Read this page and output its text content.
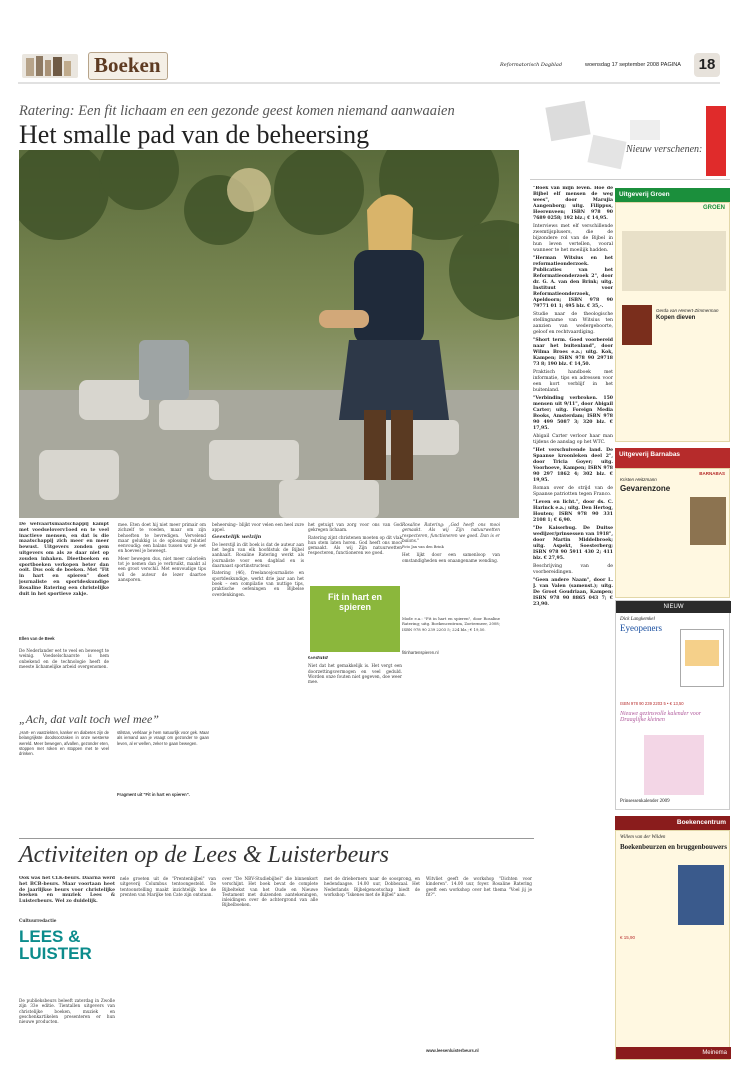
Boeken	Reformatorisch Dagblad	woensdag 17 september 2008 PAGINA	18
Ratering: Een fit lichaam en een gezonde geest komen niemand aanwaaien
Het smalle pad van de beheersing
De welvaartsmaatschappij kampt met voedseloverv1oed en te veel inactieve mensen, en dat is die maatschappij zich meer en meer bewust. Uitgevers zonden gem uitgevers om als ze daar niet op zouden inhaken. Dieetboeken en sportboeken verkopen beter dan ooit. Dus ook de boeken. Met "Fit in hart en spieren" doet journaliste en sportdeskundige Rosaline Ratering een christelijke duit in het sportieve zakje.
Ellen van de Beek

De Nederlander eet te veel en beweegt te weinig. Voedselschaarste is hem onbekend en de technologie heeft de meeste lichamelijke arbeid overgenomen.

mee. Eten doet hij niet meer primair om zichzelf te voeden, maar om zijn behoeften te bevredigen. Vervelend maar gelukkig is de oplossing relatief eenvoudig: een balans tussen wat je eet en hoeveel je beweegt.

Meer bewegen dus, niet meer calorieën tot je nemen dan je verbruikt, maakt al een groot verschil. Met eenvoudige tips wil de auteur de lezer daartoe aansporen.

beheersing– blijkt voor velen een heel zure appel.

Geestelijk welzijn

De leerstijl in dit boek is dat de auteur aan het begin van elk hoofdstuk de Bijbel aanhaalt. Rosaline Ratering werkt als journaliste voor een dagblad en is daarnaast sportinstructeur.

Ratering (46), freelancejournaliste en sportdeskundige, werkt drie jaar aan het boek – een compilatie van nuttige tips, praktische oefeningen en Bijbelse overdenkingen.

het getuigt van zorg voor ons van God gekregen lichaam.

Ratering zijnt christenen moeten op dit vlak hun stem laten horen. God heeft ons mooi gemaakt. Als wij Zijn natuurwetten respecteren, functioneren we goed.

Fit in hart en spieren

Geduld

Niet dat het gemakkelijk is. Het vergt een doorzettingsvermogen en veel geduld. Worden onze fouten niet gegeven, doe weer mee.

Rosaline Ratering: „God heeft ons mooi gemaakt. Als wij Zijn natuurwetten respecteren, functioneren we goed. Dan is er balans."

Foto Jan van den Brink

Het lijkt door een samenloop van omstandigheden een onaangename wending.

Mode e.a.: "Fit in hart en spieren", door Rosaline Ratering; uitg. Boekencentrum, Zoetermeer, 2008; ISBN 978 90 239 2203 5; 224 blz.; € 19,50.
fitinhartenspieren.nl
„Ach, dat valt toch wel mee”
„Hart- en vaatziekten, kanker en diabetes zijn de belangrijkste doodsoorzaken in onze westerse wereld. Meer bewegen, afvallen, gezonder eten, stoppen met roken en stoppen met te veel drinken.
stilstan, verklaar je hem natuurlijk voor gek. Maar als iemand aan je vraagt om gezonder te gaan leven, al er wellen, zeker te gaan bewegen.
Fragment uit "Fit in hart en spieren".
Activiteiten op de Lees & Luisterbeurs
Ook was het CLK-beurs. Daarna werd het BCB-beurs. Maar voortaan heet de jaarlijkse beurs voor christelijke boeken en muziek Lees & Luisterbeurs. Wel zo duidelijk.
Cultuurredactie
LEES &
LUISTER
De publieksbeurs beleeft zaterdag in Zwolle zijn 33e editie. Tientallen uitgevers van christelijke boeken, muziek en geschenkartikelen presenteren er hun nieuwe producten.
nele groeten uit de "Prentenbijbel" van uitgeverij Columbus tentoongesteld. De tentoonstelling maakt inzichtelijk hoe de prenten van Marijke ten Cate zijn ontstaan.
over "De NBV-Studiebijbel" die binnenkort verschijnt. Het boek bevat de complete Bijbeltekst van het Oude en Nieuwe Testament met duizenden aantekeningen, inleidingen over de achtergrond van alle Bijbelboeken.
met de drieberners naar de soosprong, en hedendaagse. 14.00 uur, Dobbezaal. Het Nederlands Bijbelgenootschap biedt de workshop "Iskenes met de Bijbel" aan.
Witvliet geeft de workshop "Dichten voor kinderen". 14.00 uur, foyer. Rosaline Ratering geeft een workshop over het thema "Voel jij je fit?".
www.leesenluisterbeurs.nl
Nieuw verschenen:

"Boek van mijn leven. Hoe de Bijbel elf mensen de weg wees", door Marujia Aangenborg; uitg. Filippus, Heerenveen; ISBN 978 90 7689 0258; 192 blz.; € 14,95.

Interviews met elf verschillende zwemtijsplusers, die de bijzondere rol van de Bijbel in hun leven vertellen, vooral wanneer te het moeilijk hadden.

"Herman Witsius en het reformatieonderzoek. Publicaties van het Reformatieonderzoek 2", door dr. G. A. van den Brink; uitg. Instituut voor Reformatieonderzoek, Apeldoorn; ISBN 978 90 79771 01 1; 495 blz. € 35,-.

Studie naar de theologische stellingname van Witsius ten aanzien van wedergeboorte, geloof en rechtvaardiging.

"Short term. Goed voorbereid naar het buitenland", door Wilma Broes e.a.; uitg. Kok, Kampen; ISBN 978 90 29718 73 8; 190 blz. € 14,50.

Praktisch handboek met informatie, tips en adressen voor een kort verblijf in het buitenland.

"Verbinding verbroken. 150 mensen uit 9/11", door Abigail Carter; uitg. Foreign Media Books, Amsterdam; ISBN 978 90 499 5087 3; 320 blz. € 17,95.

Abigail Carter verloor haar man tijdens de aanslag op het WTC.

"Het verschuivende land. De Spaanse kroonleken deel 2", door Tricia Goyer; uitg. Voorhoeve, Kampen; ISBN 978 90 297 1862 4; 302 blz. € 19,95.

Roman over de strijd van de Spaanse patriotten tegen Franco.

"Leven en licht.", door ds. C. Harinck e.a.; uitg. Den Hertog, Houten; ISBN 978 90 331 2108 1; € 6,90.

"De Kaiserbug. De Duitse wedijzer/prinsessen van 1918", door Martin Middelbroek; uitg. Aspekt, Soesterberg; ISBN 978 90 5911 430 2; 411 blz. € 27,95.

Beschrijving van de voorbereidingen.

"Geen andere Naam", door L. J. van Valen (samenst.); uitg. De Groot Goudriaan, Kampen; ISBN 978 90 8865 043 7; € 23,90.

Uitgeverij Groen
GROEN
Gerda van Hemert-Zimmerman
Kopen dieven
Uitgeverij Barnabas
BARNABAS
Kristen Heitzmann
Gevarenzone
NIEUW
Dick Langkemkel
Eyeopeners
ISBN 978 90 239 2203 5 • € 13,50
Nieuwe gezinsvolle kalender voor Draaglijke kleinen
Prinsessenkalender 2009
Boekencentrum
Willem van der Wilden
Boekenbeurzen en bruggenbouwers
€ 15,90
Meinema
